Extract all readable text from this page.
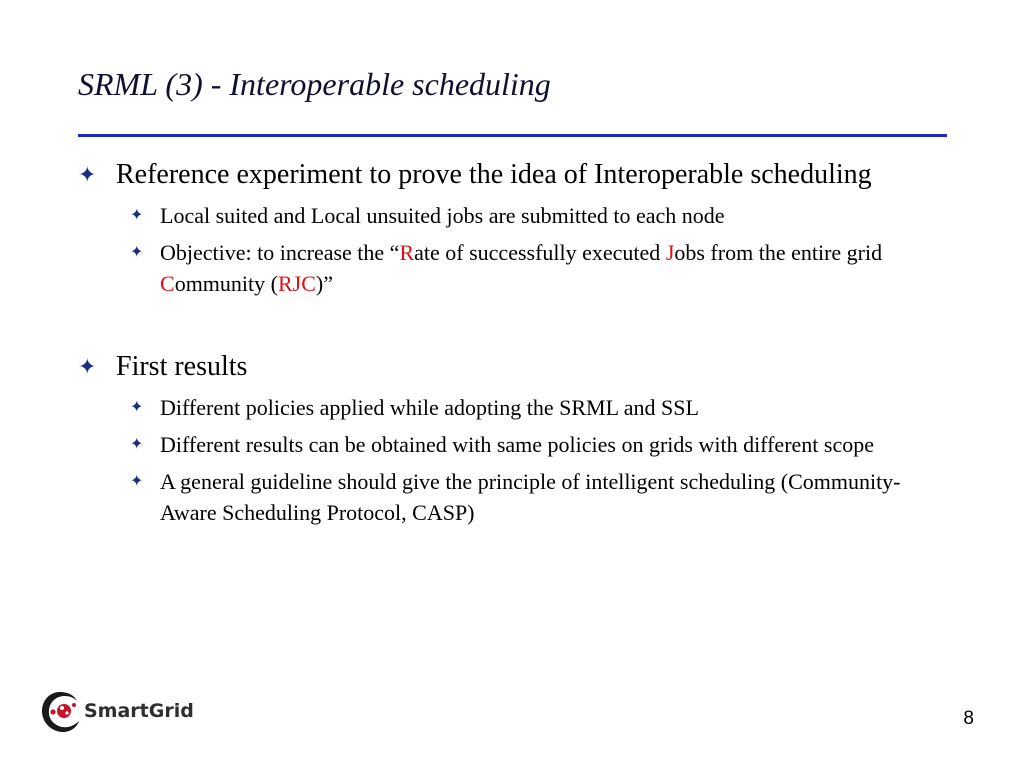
SRML (3) - Interoperable scheduling
✦ Reference experiment to prove the idea of Interoperable scheduling
✦ Local suited and Local unsuited jobs are submitted to each node
✦ Objective: to increase the “Rate of successfully executed Jobs from the entire grid Community (RJC)”
✦ First results
✦ Different policies applied while adopting the SRML and SSL
✦ Different results can be obtained with same policies on grids with different scope
✦ A general guideline should give the principle of intelligent scheduling (Community-Aware Scheduling Protocol, CASP)
SmartGrid	8
